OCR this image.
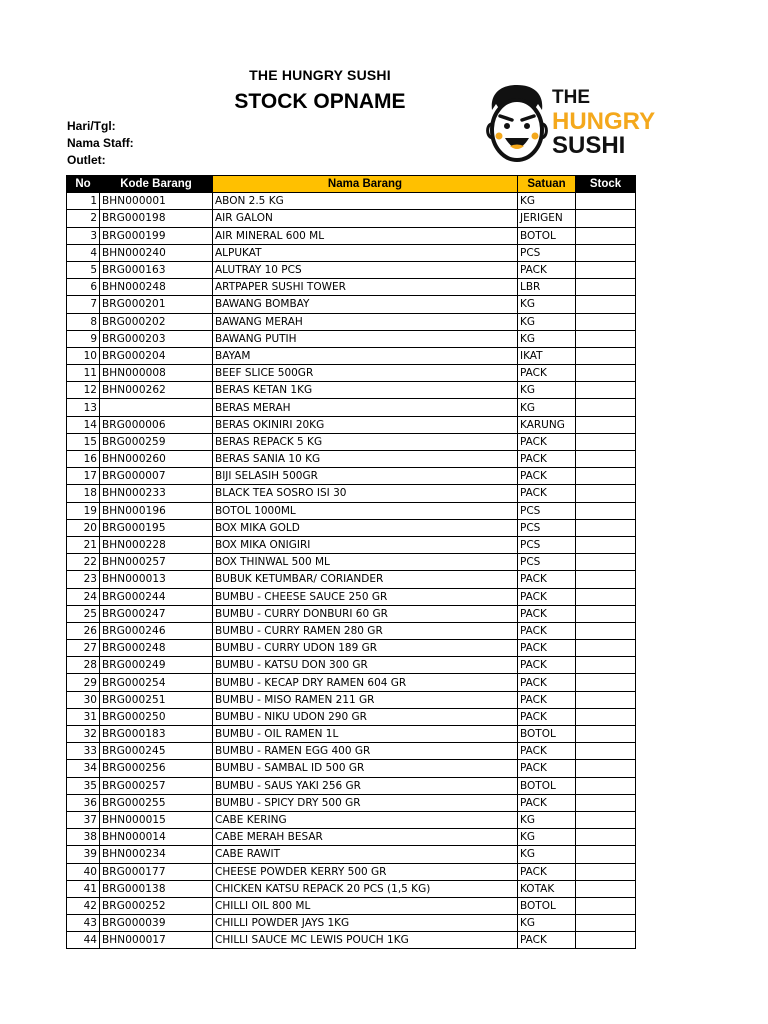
THE HUNGRY SUSHI
STOCK OPNAME
Hari/Tgl:
Nama Staff:
Outlet:
THE
HUNGRY
SUSHI
No	Kode Barang	Nama Barang	Satuan	Stock
1	BHN000001	ABON 2.5 KG	KG	
2	BRG000198	AIR GALON	JERIGEN	
3	BRG000199	AIR MINERAL 600 ML	BOTOL	
4	BHN000240	ALPUKAT	PCS	
5	BRG000163	ALUTRAY 10 PCS	PACK	
6	BHN000248	ARTPAPER SUSHI TOWER	LBR	
7	BRG000201	BAWANG BOMBAY	KG	
8	BRG000202	BAWANG MERAH	KG	
9	BRG000203	BAWANG PUTIH	KG	
10	BRG000204	BAYAM	IKAT	
11	BHN000008	BEEF SLICE 500GR	PACK	
12	BHN000262	BERAS KETAN 1KG	KG	
13		BERAS MERAH	KG	
14	BRG000006	BERAS OKINIRI 20KG	KARUNG	
15	BRG000259	BERAS REPACK 5 KG	PACK	
16	BHN000260	BERAS SANIA 10 KG	PACK	
17	BRG000007	BIJI SELASIH 500GR	PACK	
18	BHN000233	BLACK TEA SOSRO ISI 30	PACK	
19	BHN000196	BOTOL 1000ML	PCS	
20	BRG000195	BOX MIKA GOLD	PCS	
21	BHN000228	BOX MIKA ONIGIRI	PCS	
22	BHN000257	BOX THINWAL 500 ML	PCS	
23	BHN000013	BUBUK KETUMBAR/ CORIANDER	PACK	
24	BRG000244	BUMBU - CHEESE SAUCE 250 GR	PACK	
25	BRG000247	BUMBU - CURRY DONBURI 60 GR	PACK	
26	BRG000246	BUMBU - CURRY RAMEN 280 GR	PACK	
27	BRG000248	BUMBU - CURRY UDON 189 GR	PACK	
28	BRG000249	BUMBU - KATSU DON 300 GR	PACK	
29	BRG000254	BUMBU - KECAP DRY RAMEN 604 GR	PACK	
30	BRG000251	BUMBU - MISO RAMEN 211 GR	PACK	
31	BRG000250	BUMBU - NIKU UDON 290 GR	PACK	
32	BRG000183	BUMBU - OIL RAMEN 1L	BOTOL	
33	BRG000245	BUMBU - RAMEN EGG 400 GR	PACK	
34	BRG000256	BUMBU - SAMBAL ID 500 GR	PACK	
35	BRG000257	BUMBU - SAUS YAKI 256 GR	BOTOL	
36	BRG000255	BUMBU - SPICY DRY 500 GR	PACK	
37	BHN000015	CABE KERING	KG	
38	BHN000014	CABE MERAH BESAR	KG	
39	BHN000234	CABE RAWIT	KG	
40	BRG000177	CHEESE POWDER KERRY 500 GR	PACK	
41	BRG000138	CHICKEN KATSU REPACK 20 PCS (1,5 KG)	KOTAK	
42	BRG000252	CHILLI OIL 800 ML	BOTOL	
43	BRG000039	CHILLI POWDER JAYS 1KG	KG	
44	BHN000017	CHILLI SAUCE MC LEWIS POUCH 1KG	PACK	
